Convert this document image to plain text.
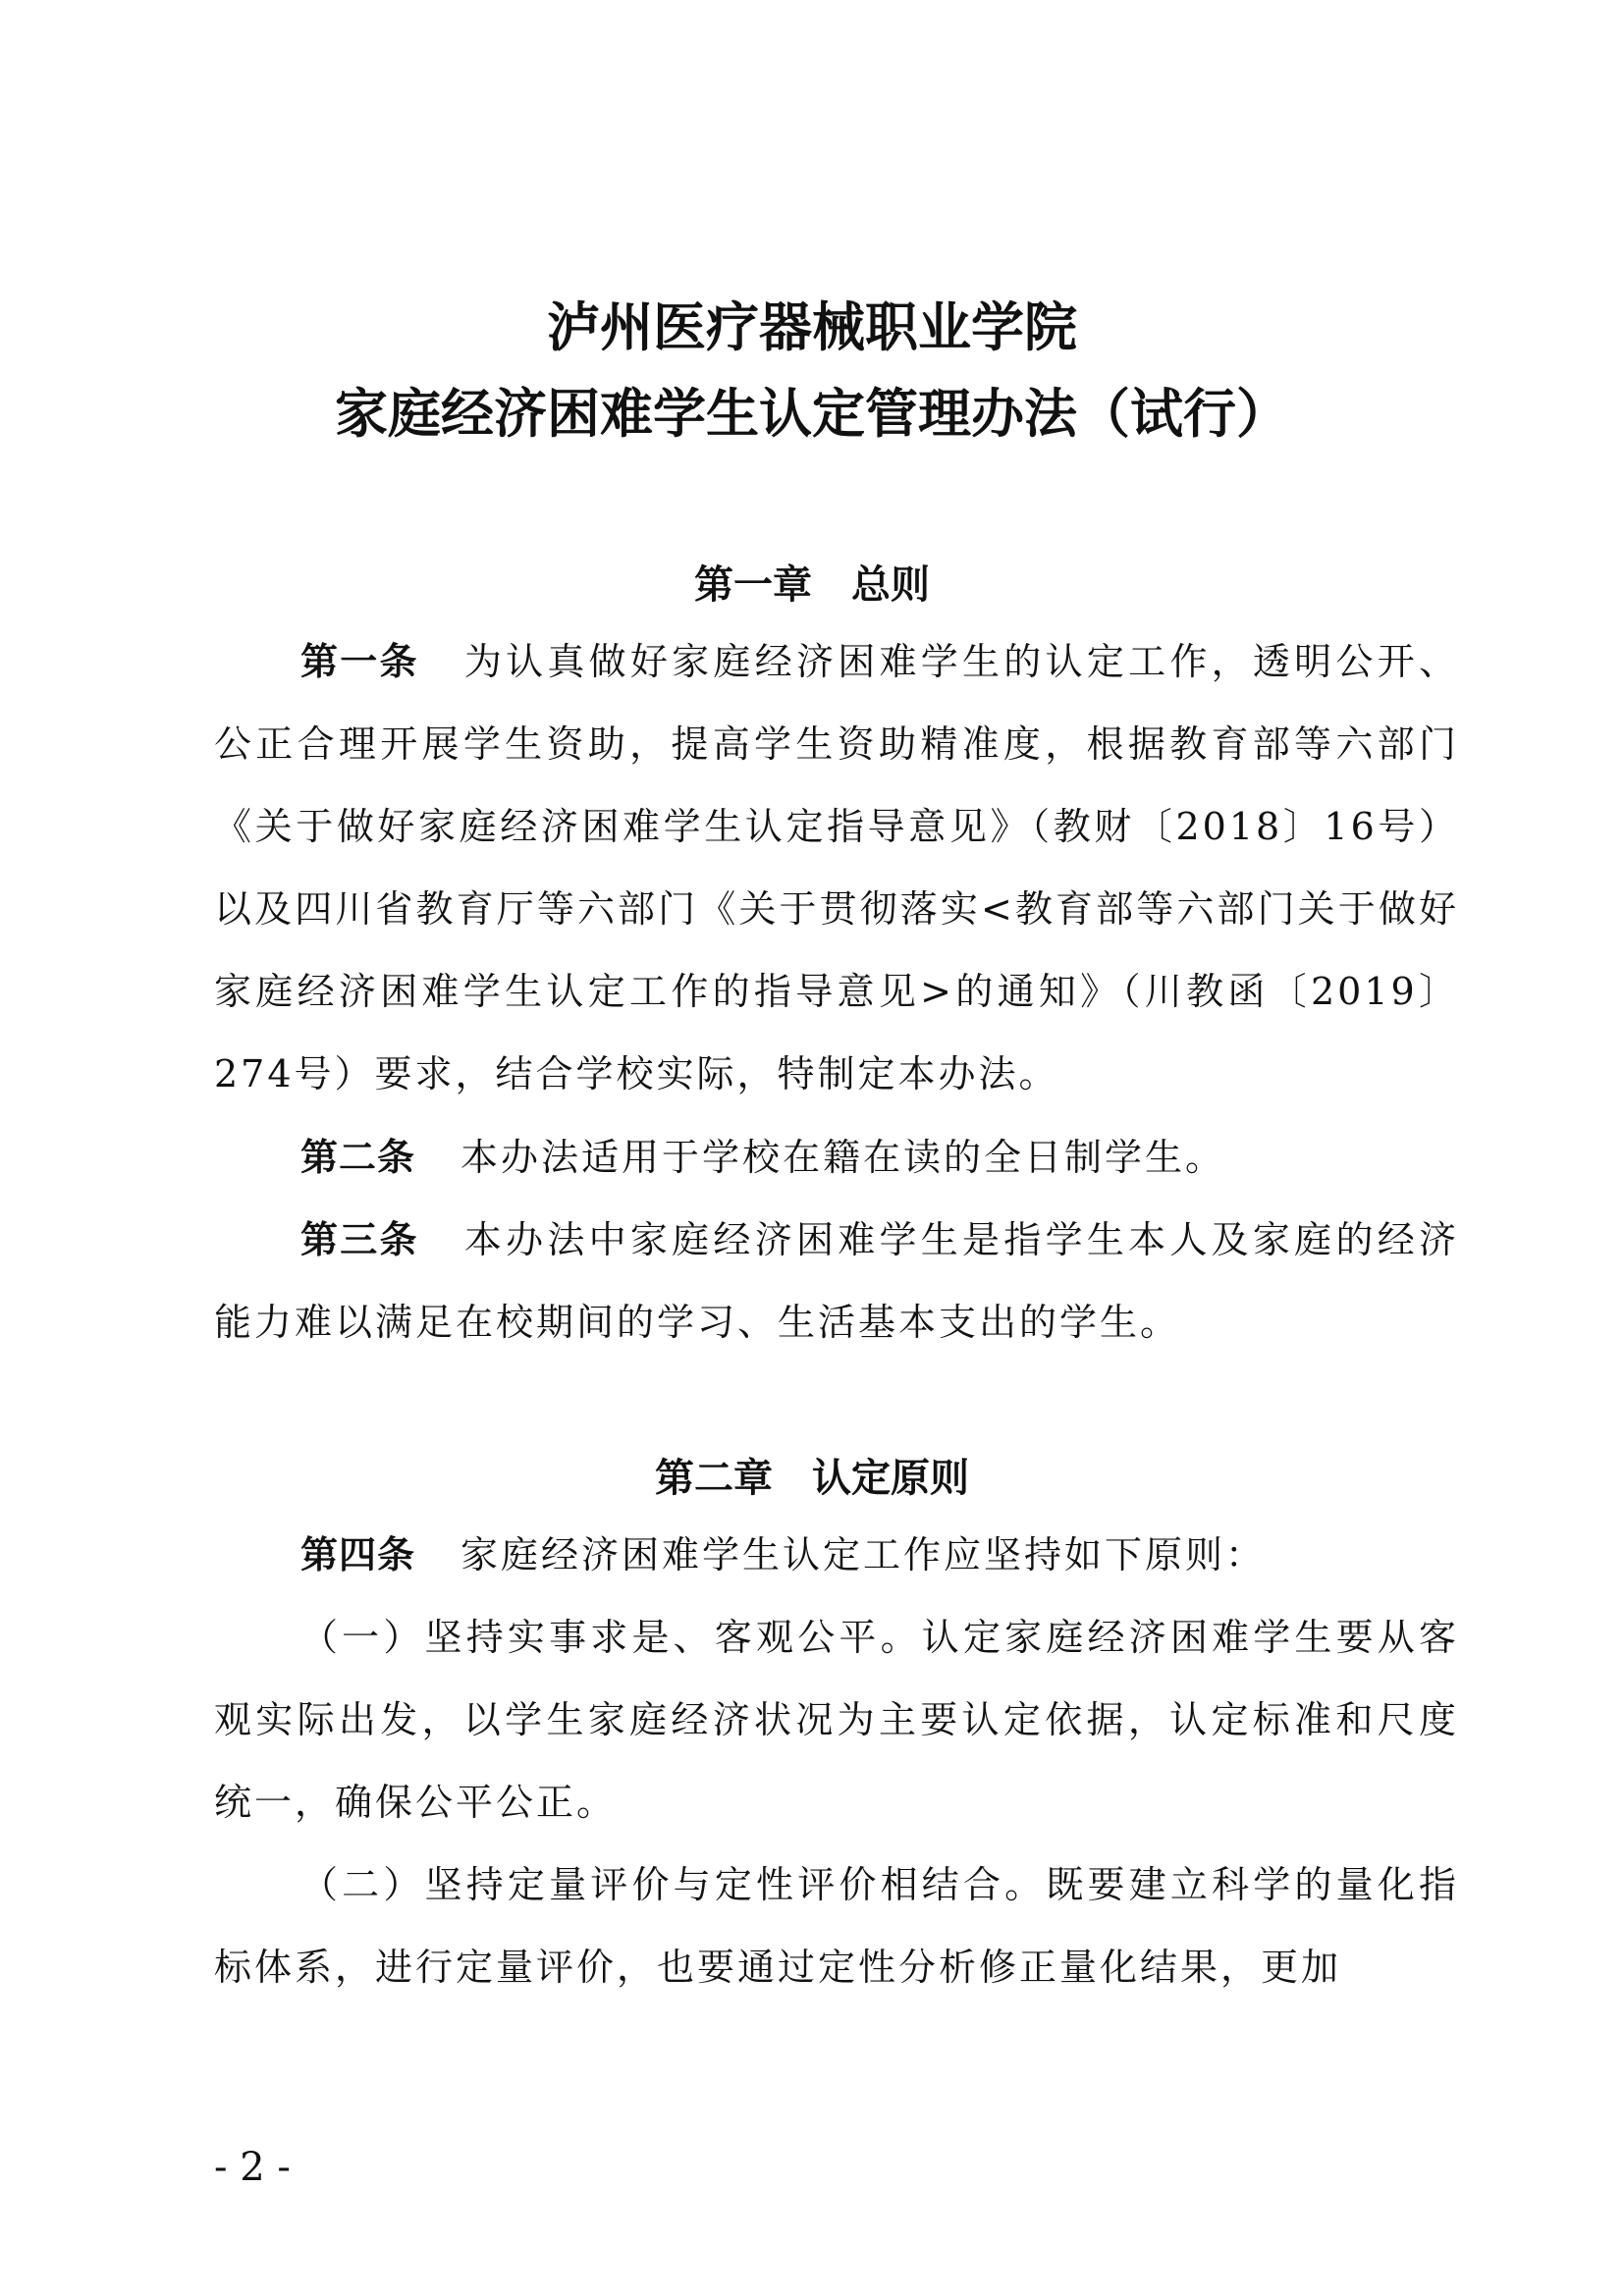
泸州医疗器械职业学院
家庭经济困难学生认定管理办法（试行）
第一章 总则

第一条 为认真做好家庭经济困难学生的认定工作，透明公开、公正合理开展学生资助，提高学生资助精准度，根据教育部等六部门《关于做好家庭经济困难学生认定指导意见》（教财〔2018〕16号）以及四川省教育厅等六部门《关于贯彻落实<教育部等六部门关于做好家庭经济困难学生认定工作的指导意见>的通知》（川教函〔2019〕274号）要求，结合学校实际，特制定本办法。

第二条 本办法适用于学校在籍在读的全日制学生。

第三条 本办法中家庭经济困难学生是指学生本人及家庭的经济能力难以满足在校期间的学习、生活基本支出的学生。

第二章 认定原则

第四条 家庭经济困难学生认定工作应坚持如下原则：

（一）坚持实事求是、客观公平。认定家庭经济困难学生要从客观实际出发，以学生家庭经济状况为主要认定依据，认定标准和尺度统一，确保公平公正。

（二）坚持定量评价与定性评价相结合。既要建立科学的量化指标体系，进行定量评价，也要通过定性分析修正量化结果，更加

- 2 -
